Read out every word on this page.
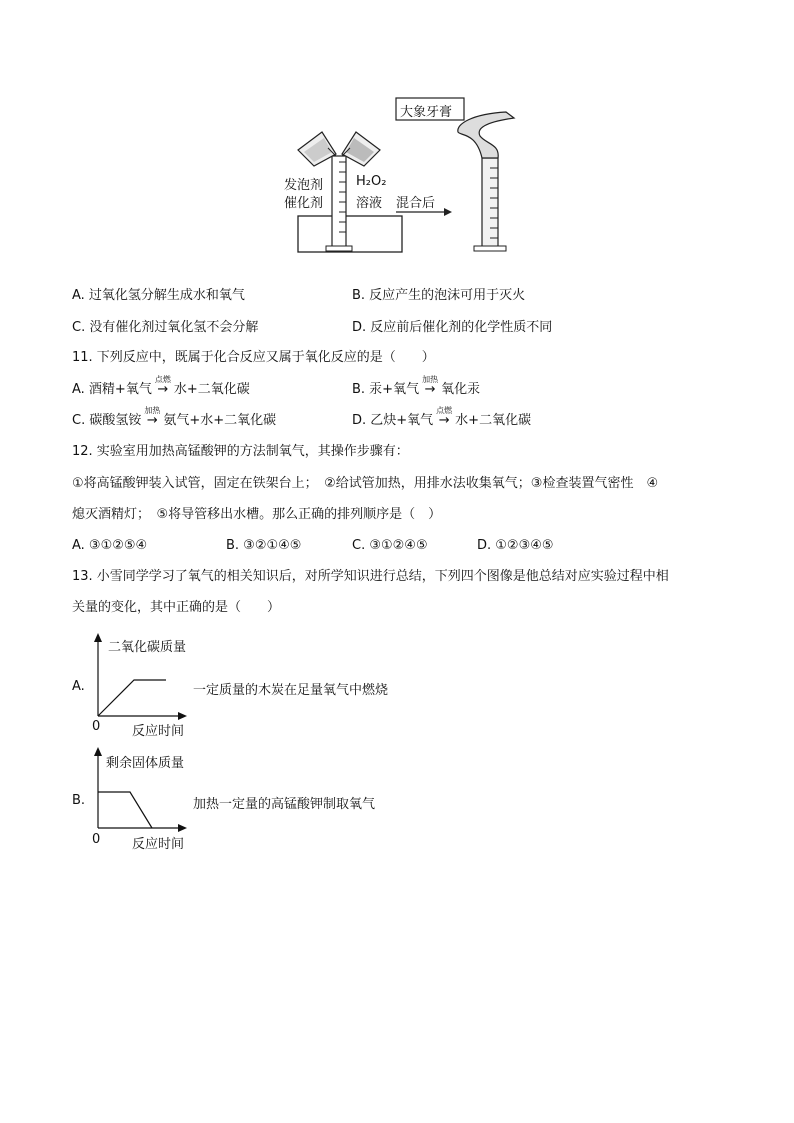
发泡剂
催化剂
H₂O₂
溶液 混合后
大象牙膏
A. 过氧化氢分解生成水和氧气	B. 反应产生的泡沫可用于灭火
C. 没有催化剂过氧化氢不会分解	D. 反应前后催化剂的化学性质不同
11. 下列反应中，既属于化合反应又属于氧化反应的是（　　）
A. 酒精+氧气
点燃
→ 水+二氧化碳	B. 汞+氧气
加热
→ 氧化汞
C. 碳酸氢铵
加热
→ 氨气+水+二氧化碳	D. 乙炔+氧气
点燃
→ 水+二氧化碳
12. 实验室用加热高锰酸钾的方法制氧气，其操作步骤有：
①将高锰酸钾装入试管，固定在铁架台上；　②给试管加热，用排水法收集氧气；③检查装置气密性　④
熄灭酒精灯；　⑤将导管移出水槽。那么正确的排列顺序是（　）
A. ③①②⑤④	B. ③②①④⑤	C. ③①②④⑤	D. ①②③④⑤
13. 小雪同学学习了氧气的相关知识后，对所学知识进行总结，下列四个图像是他总结对应实验过程中相
关量的变化，其中正确的是（　　）
二氧化碳质量
A.	一定质量的木炭在足量氧气中燃烧
0 反应时间
剩余固体质量
B.	加热一定量的高锰酸钾制取氧气
0 反应时间
